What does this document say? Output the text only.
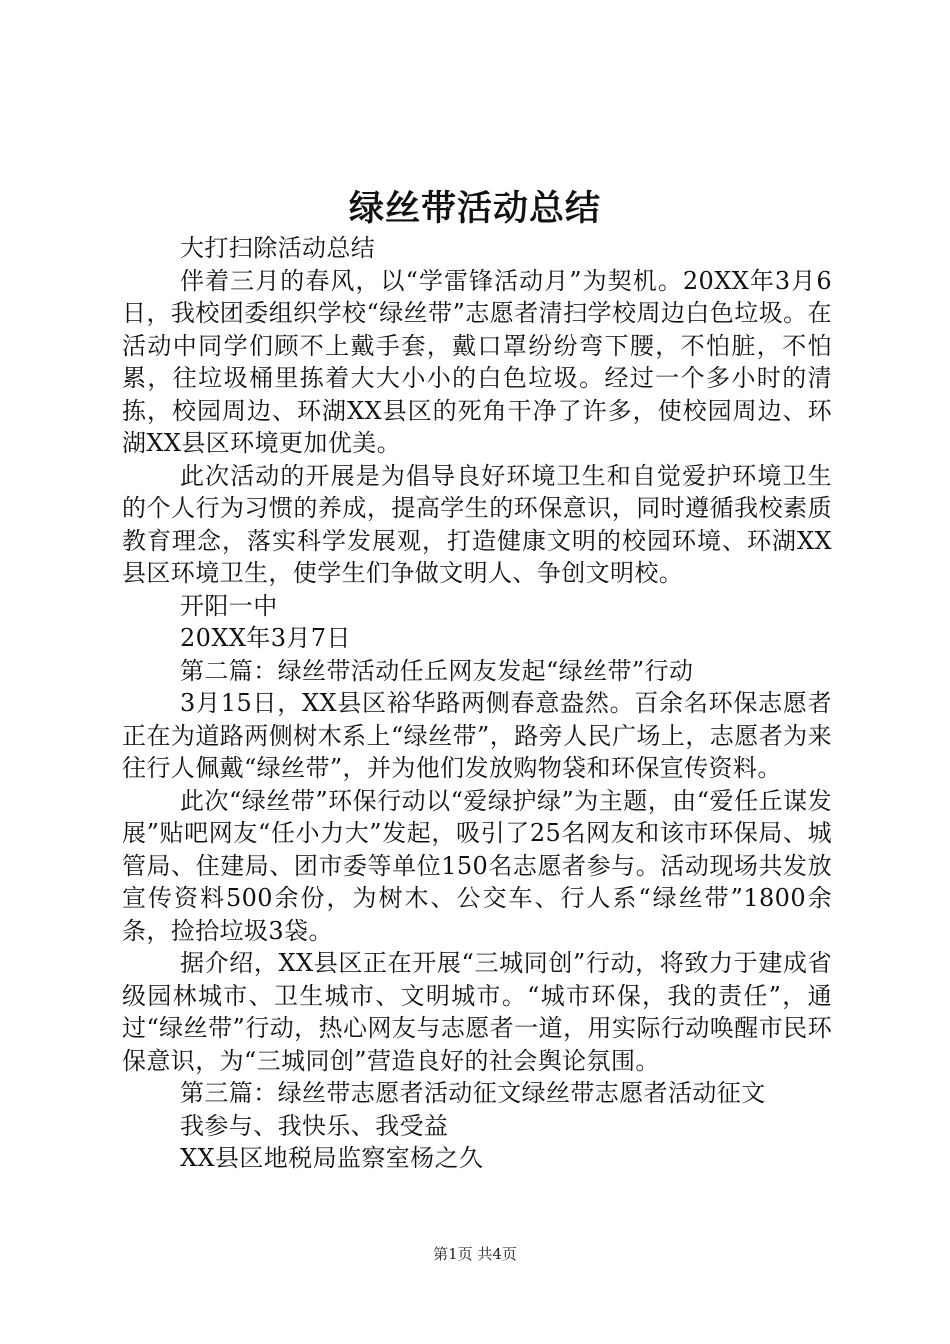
绿丝带活动总结

大打扫除活动总结

伴着三月的春风，以“学雷锋活动月”为契机。20XX年3月6日，我校团委组织学校“绿丝带”志愿者清扫学校周边白色垃圾。在活动中同学们顾不上戴手套，戴口罩纷纷弯下腰，不怕脏，不怕累，往垃圾桶里拣着大大小小的白色垃圾。经过一个多小时的清拣，校园周边、环湖XX县区的死角干净了许多，使校园周边、环湖XX县区环境更加优美。

此次活动的开展是为倡导良好环境卫生和自觉爱护环境卫生的个人行为习惯的养成，提高学生的环保意识，同时遵循我校素质教育理念，落实科学发展观，打造健康文明的校园环境、环湖XX县区环境卫生，使学生们争做文明人、争创文明校。

开阳一中

20XX年3月7日

第二篇：绿丝带活动任丘网友发起“绿丝带”行动

3月15日，XX县区裕华路两侧春意盎然。百余名环保志愿者正在为道路两侧树木系上“绿丝带”，路旁人民广场上，志愿者为来往行人佩戴“绿丝带”，并为他们发放购物袋和环保宣传资料。

此次“绿丝带”环保行动以“爱绿护绿”为主题，由“爱任丘谋发展”贴吧网友“任小力大”发起，吸引了25名网友和该市环保局、城管局、住建局、团市委等单位150名志愿者参与。活动现场共发放宣传资料500余份，为树木、公交车、行人系“绿丝带”1800余条，捡拾垃圾3袋。

据介绍，XX县区正在开展“三城同创”行动，将致力于建成省级园林城市、卫生城市、文明城市。“城市环保，我的责任”，通过“绿丝带”行动，热心网友与志愿者一道，用实际行动唤醒市民环保意识，为“三城同创”营造良好的社会舆论氛围。

第三篇：绿丝带志愿者活动征文绿丝带志愿者活动征文

我参与、我快乐、我受益

XX县区地税局监察室杨之久

第1页 共4页
